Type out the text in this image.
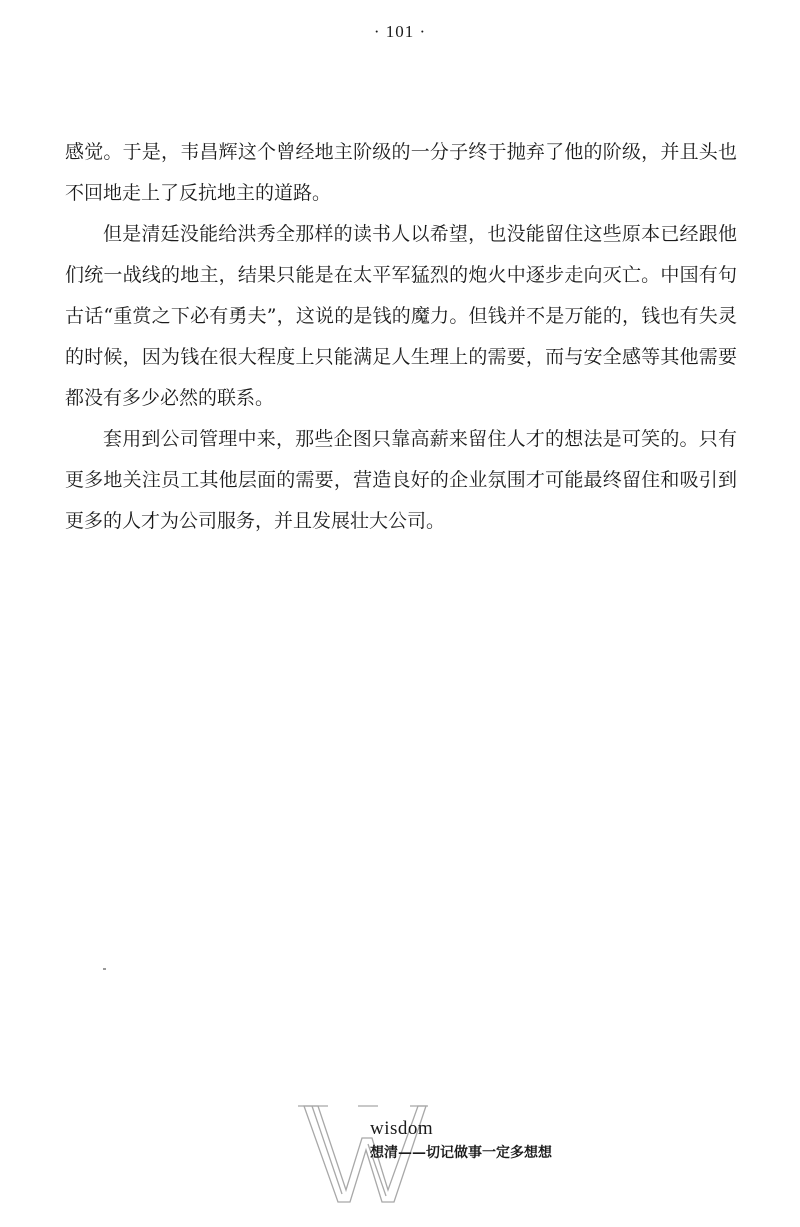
· 101 ·

感觉。于是，韦昌辉这个曾经地主阶级的一分子终于抛弃了他的阶级，并且头也不回地走上了反抗地主的道路。

但是清廷没能给洪秀全那样的读书人以希望，也没能留住这些原本已经跟他们统一战线的地主，结果只能是在太平军猛烈的炮火中逐步走向灭亡。中国有句古话“重赏之下必有勇夫”，这说的是钱的魔力。但钱并不是万能的，钱也有失灵的时候，因为钱在很大程度上只能满足人生理上的需要，而与安全感等其他需要都没有多少必然的联系。

套用到公司管理中来，那些企图只靠高薪来留住人才的想法是可笑的。只有更多地关注员工其他层面的需要，营造良好的企业氛围才可能最终留住和吸引到更多的人才为公司服务，并且发展壮大公司。

wisdom
想清——切记做事一定多想想
